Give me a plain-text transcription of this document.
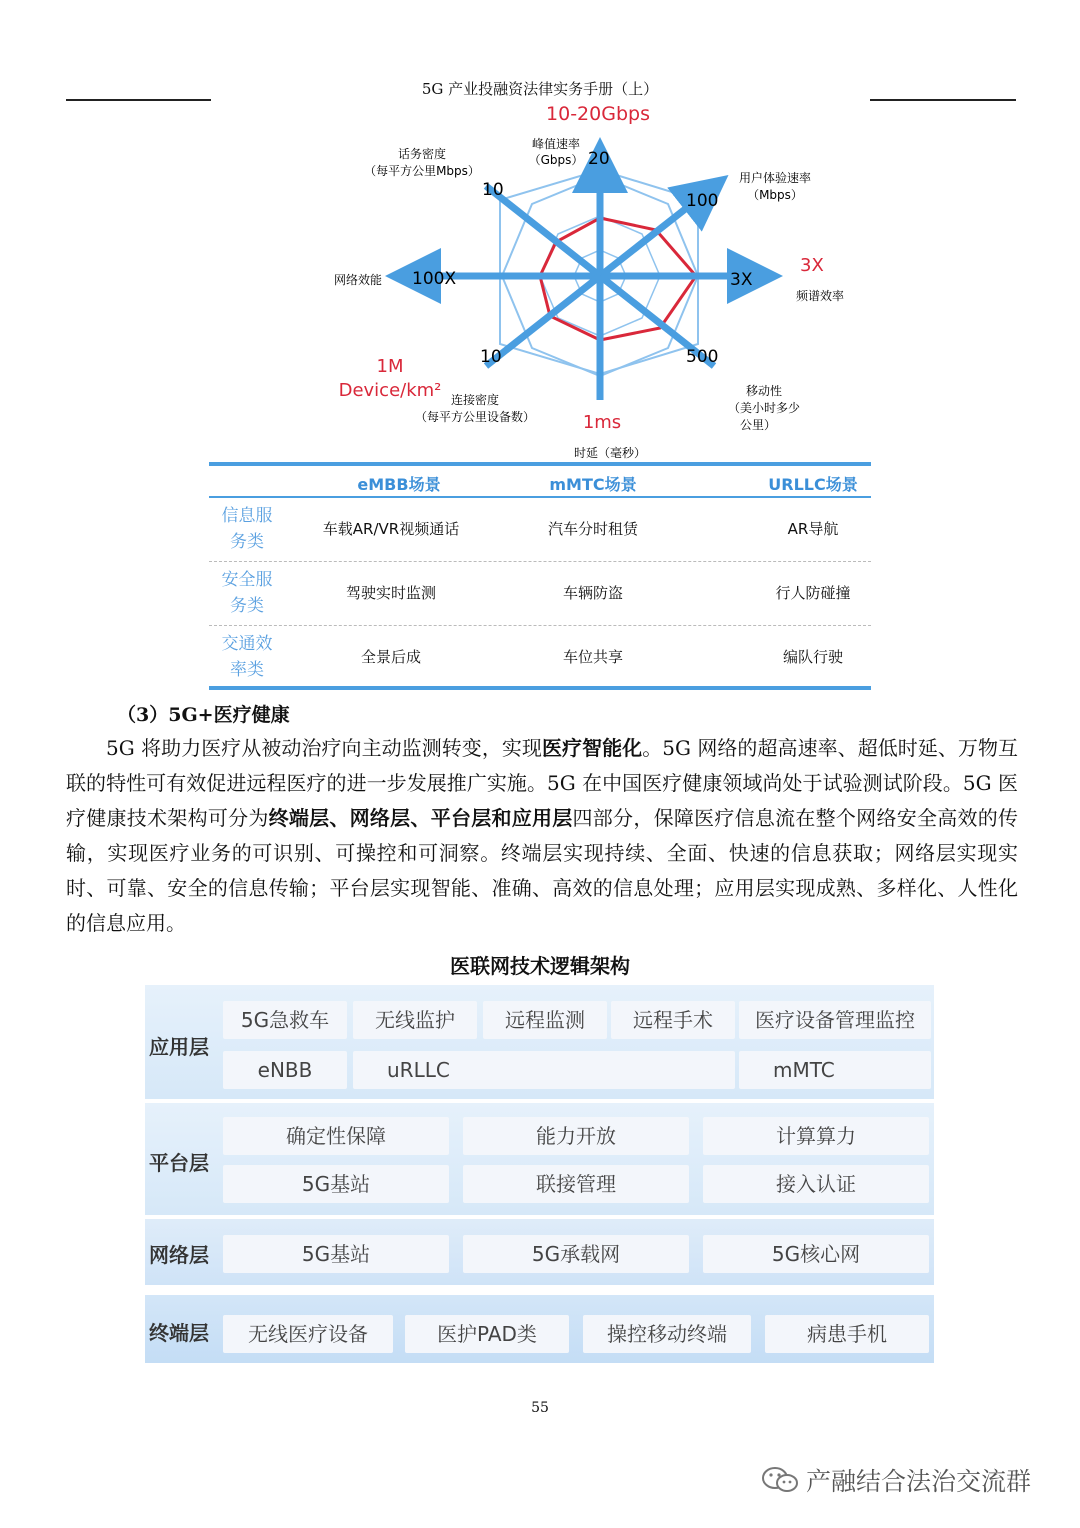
5G 产业投融资法律实务手册（上）
10-20Gbps
峰值速率
（Gbps） 20
话务密度
（每平方公里Mbps）
10
用户体验速率
（Mbps）
100
网络效能 100X	3X
3X
频谱效率
10
1M
Device/km² 连接密度
（每平方公里设备数）
500
移动性
（美小时多少
公里）
1ms
时延（毫秒）
eMBB场景	mMTC场景	URLLC场景
信息服
务类
车载AR/VR视频通话	汽车分时租赁	AR导航
安全服
务类
驾驶实时监测	车辆防盗	行人防碰撞
交通效
率类
全景后成	车位共享	编队行驶
（3）5G+医疗健康
5G 将助力医疗从被动治疗向主动监测转变，实现医疗智能化。5G 网络的超高速率、超低时延、万物互联的特性可有效促进远程医疗的进一步发展推广实施。5G 在中国医疗健康领域尚处于试验测试阶段。5G 医疗健康技术架构可分为终端层、网络层、平台层和应用层四部分，保障医疗信息流在整个网络安全高效的传输，实现医疗业务的可识别、可操控和可洞察。终端层实现持续、全面、快速的信息获取；网络层实现实时、可靠、安全的信息传输；平台层实现智能、准确、高效的信息处理；应用层实现成熟、多样化、人性化的信息应用。
医联网技术逻辑架构
应用层
5G急救车	无线监护	远程监测	远程手术	医疗设备管理监控
eNBB	uRLLC	mMTC
平台层
确定性保障	能力开放	计算算力
5G基站	联接管理	接入认证
网络层	5G基站	5G承载网	5G核心网
终端层	无线医疗设备	医护PAD类	操控移动终端	病患手机
55
产融结合法治交流群
